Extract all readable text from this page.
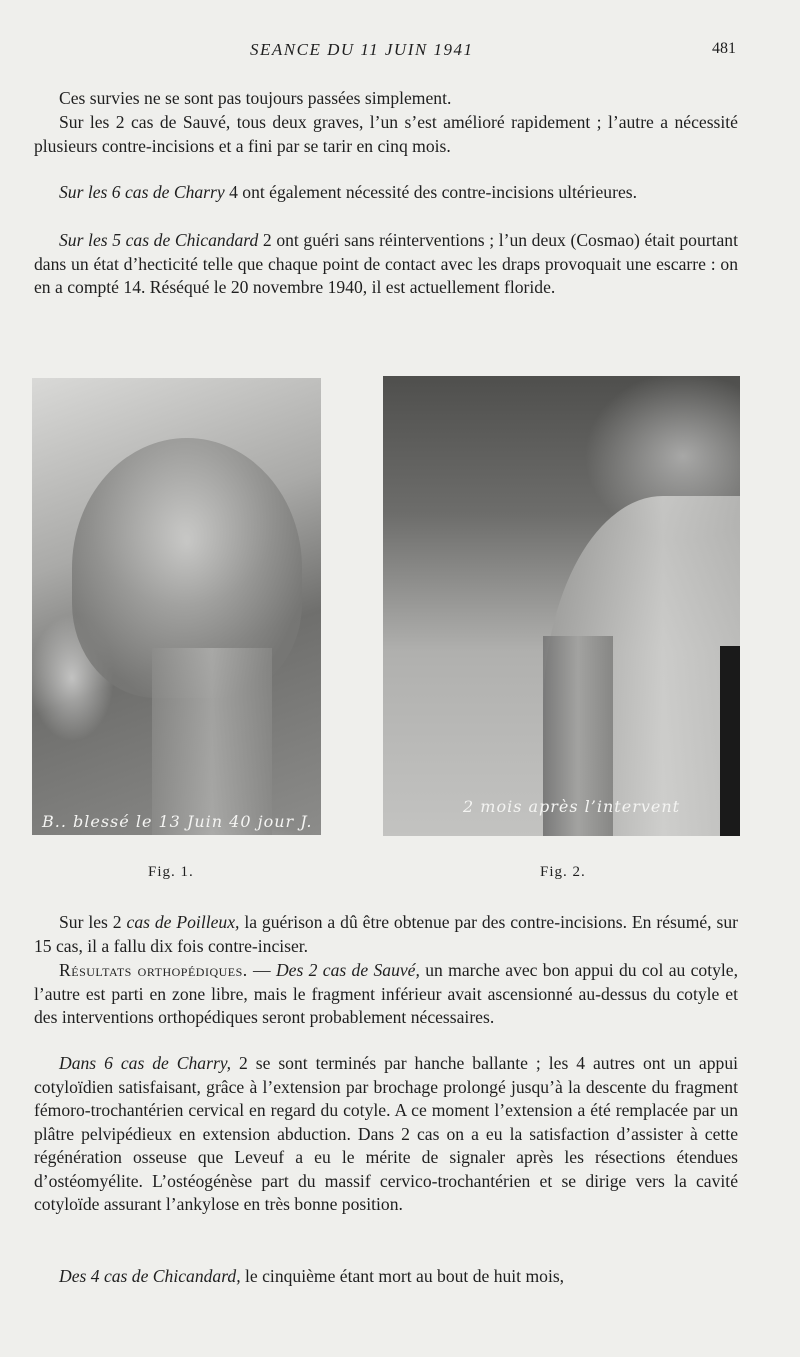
SEANCE DU 11 JUIN 1941	481

Ces survies ne se sont pas toujours passées simplement.

Sur les 2 cas de Sauvé, tous deux graves, l’un s’est amélioré rapidement ; l’autre a nécessité plusieurs contre-incisions et a fini par se tarir en cinq mois.

Sur les 6 cas de Charry 4 ont également nécessité des contre-incisions ultérieures.

Sur les 5 cas de Chicandard 2 ont guéri sans réinterventions ; l’un deux (Cosmao) était pourtant dans un état d’hecticité telle que chaque point de contact avec les draps provoquait une escarre : on en a compté 14. Réséqué le 20 novembre 1940, il est actuellement floride.

B.. blessé le 13 Juin 40 jour J.
2 mois après l’intervent
Fig. 1.	Fig. 2.

Sur les 2 cas de Poilleux, la guérison a dû être obtenue par des contre-incisions. En résumé, sur 15 cas, il a fallu dix fois contre-inciser.

Résultats orthopédiques. — Des 2 cas de Sauvé, un marche avec bon appui du col au cotyle, l’autre est parti en zone libre, mais le fragment inférieur avait ascensionné au-dessus du cotyle et des interventions orthopédiques seront probablement nécessaires.

Dans 6 cas de Charry, 2 se sont terminés par hanche ballante ; les 4 autres ont un appui cotyloïdien satisfaisant, grâce à l’extension par brochage prolongé jusqu’à la descente du fragment fémoro-trochantérien cervical en regard du cotyle. A ce moment l’extension a été remplacée par un plâtre pelvipédieux en extension abduction. Dans 2 cas on a eu la satisfaction d’assister à cette régénération osseuse que Leveuf a eu le mérite de signaler après les résections étendues d’ostéomyélite. L’ostéogénèse part du massif cervico-trochantérien et se dirige vers la cavité cotyloïde assurant l’ankylose en très bonne position.

Des 4 cas de Chicandard, le cinquième étant mort au bout de huit mois,
